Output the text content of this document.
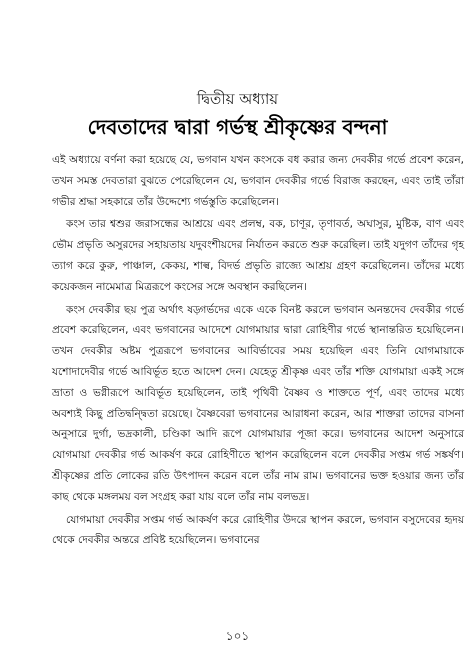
দ্বিতীয় অধ্যায়
দেবতাদের দ্বারা গর্ভস্থ শ্রীকৃষ্ণের বন্দনা

এই অধ্যায়ে বর্ণনা করা হয়েছে যে, ভগবান যখন কংসকে বধ করার জন্য দেবকীর গর্ভে প্রবেশ করেন, তখন সমস্ত দেবতারা বুঝতে পেরেছিলেন যে, ভগবান দেবকীর গর্ভে বিরাজ করছেন, এবং তাই তাঁরা গভীর শ্রদ্ধা সহকারে তাঁর উদ্দেশ্যে গর্ভস্তুতি করেছিলেন।

কংস তার শ্বশুর জরাসন্ধের আশ্রয়ে এবং প্রলম্ব, বক, চাণূর, তৃণাবর্ত, অঘাসুর, মুষ্টিক, বাণ এবং ভৌম প্রভৃতি অসুরদের সহায়তায় যদুবংশীয়দের নির্যাতন করতে শুরু করেছিল। তাই যদুগণ তাঁদের গৃহ ত্যাগ করে কুরু, পাঞ্চাল, কেকয়, শাল্ব, বিদর্ভ প্রভৃতি রাজ্যে আশ্রয় গ্রহণ করেছিলেন। তাঁদের মধ্যে কয়েকজন নামেমাত্র মিত্ররূপে কংসের সঙ্গে অবস্থান করছিলেন।

কংস দেবকীর ছয় পুত্র অর্থাৎ ষড়্গর্ভদের একে একে বিনষ্ট করলে ভগবান অনন্তদেব দেবকীর গর্ভে প্রবেশ করেছিলেন, এবং ভগবানের আদেশে যোগমায়ার দ্বারা রোহিণীর গর্ভে স্থানান্তরিত হয়েছিলেন। তখন দেবকীর অষ্টম পুত্ররূপে ভগবানের আবির্ভাবের সময় হয়েছিল এবং তিনি যোগমায়াকে যশোদাদেবীর গর্ভে আবির্ভূত হতে আদেশ দেন। যেহেতু শ্রীকৃষ্ণ এবং তাঁর শক্তি যোগমায়া একই সঙ্গে ভ্রাতা ও ভগ্নীরূপে আবির্ভূত হয়েছিলেন, তাই পৃথিবী বৈষ্ণব ও শাক্ততে পূর্ণ, এবং তাদের মধ্যে অবশ্যই কিছু প্রতিদ্বন্দ্বিতা রয়েছে। বৈষ্ণবেরা ভগবানের আরাধনা করেন, আর শাক্তরা তাদের বাসনা অনুসারে দুর্গা, ভদ্রকালী, চণ্ডিকা আদি রূপে যোগমায়ার পূজা করে। ভগবানের আদেশ অনুসারে যোগমায়া দেবকীর গর্ভ আকর্ষণ করে রোহিণীতে স্থাপন করেছিলেন বলে দেবকীর সপ্তম গর্ভ সঙ্কর্ষণ। শ্রীকৃষ্ণের প্রতি লোকের রতি উৎপাদন করেন বলে তাঁর নাম রাম। ভগবানের ভক্ত হওয়ার জন্য তাঁর কাছ থেকে মঙ্গলময় বল সংগ্রহ করা যায় বলে তাঁর নাম বলভদ্র।

যোগমায়া দেবকীর সপ্তম গর্ভ আকর্ষণ করে রোহিণীর উদরে স্থাপন করলে, ভগবান বসুদেবের হৃদয় থেকে দেবকীর অন্তরে প্রবিষ্ট হয়েছিলেন। ভগবানের

১০১
